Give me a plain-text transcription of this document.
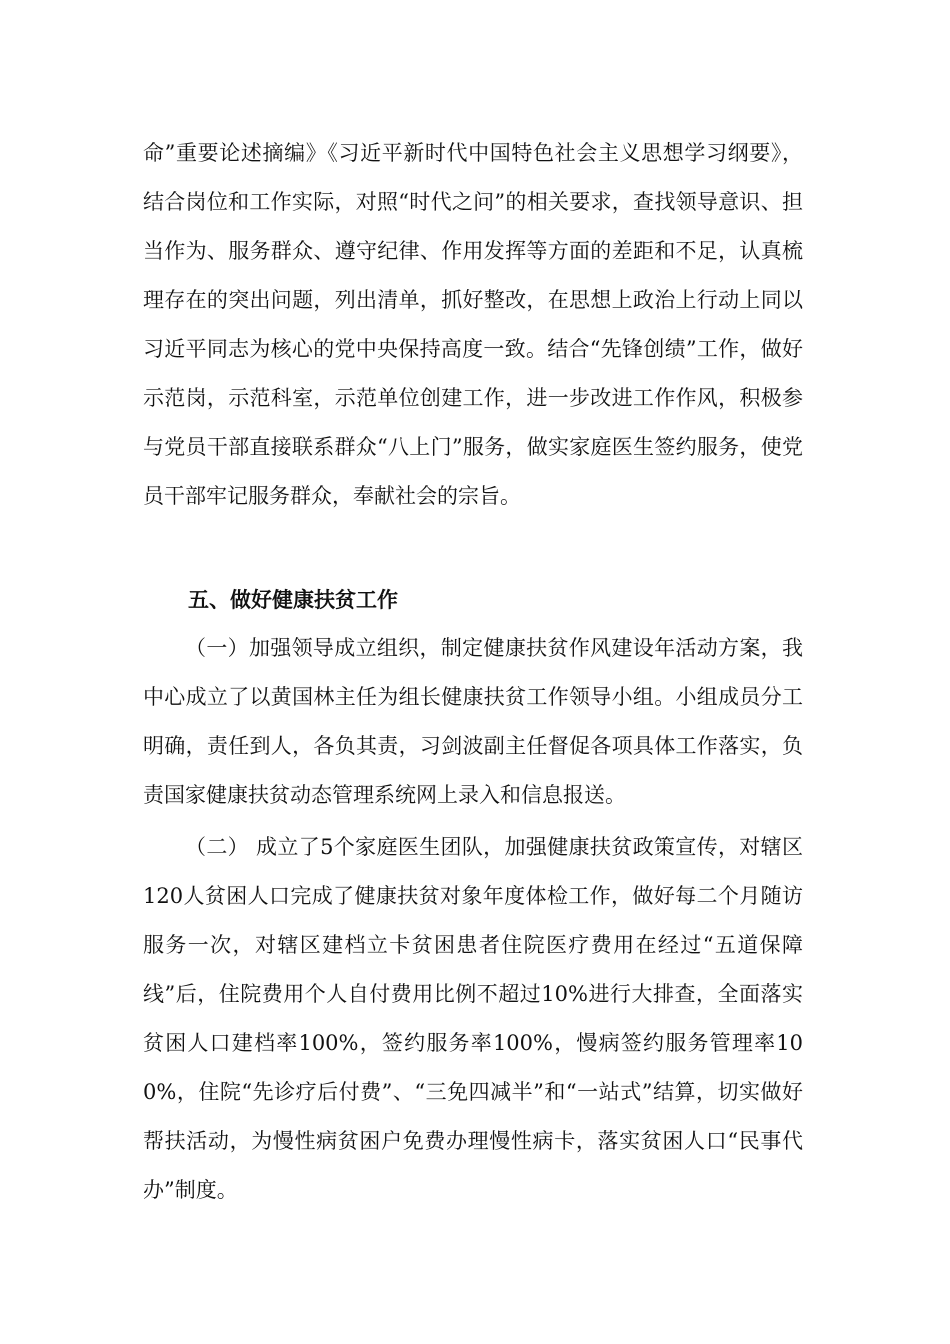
命”重要论述摘编》《习近平新时代中国特色社会主义思想学习纲要》，结合岗位和工作实际，对照“时代之问”的相关要求，查找领导意识、担当作为、服务群众、遵守纪律、作用发挥等方面的差距和不足，认真梳理存在的突出问题，列出清单，抓好整改，在思想上政治上行动上同以习近平同志为核心的党中央保持高度一致。结合“先锋创绩”工作，做好示范岗，示范科室，示范单位创建工作，进一步改进工作作风，积极参与党员干部直接联系群众“八上门”服务，做实家庭医生签约服务，使党员干部牢记服务群众，奉献社会的宗旨。

五、做好健康扶贫工作

（一）加强领导成立组织，制定健康扶贫作风建设年活动方案，我中心成立了以黄国林主任为组长健康扶贫工作领导小组。小组成员分工明确，责任到人，各负其责，习剑波副主任督促各项具体工作落实，负责国家健康扶贫动态管理系统网上录入和信息报送。

（二） 成立了5个家庭医生团队，加强健康扶贫政策宣传，对辖区120人贫困人口完成了健康扶贫对象年度体检工作，做好每二个月随访服务一次，对辖区建档立卡贫困患者住院医疗费用在经过“五道保障线”后，住院费用个人自付费用比例不超过10%进行大排查，全面落实贫困人口建档率100%，签约服务率100%，慢病签约服务管理率100%，住院“先诊疗后付费”、“三免四减半”和“一站式”结算，切实做好帮扶活动，为慢性病贫困户免费办理慢性病卡，落实贫困人口“民事代办”制度。
